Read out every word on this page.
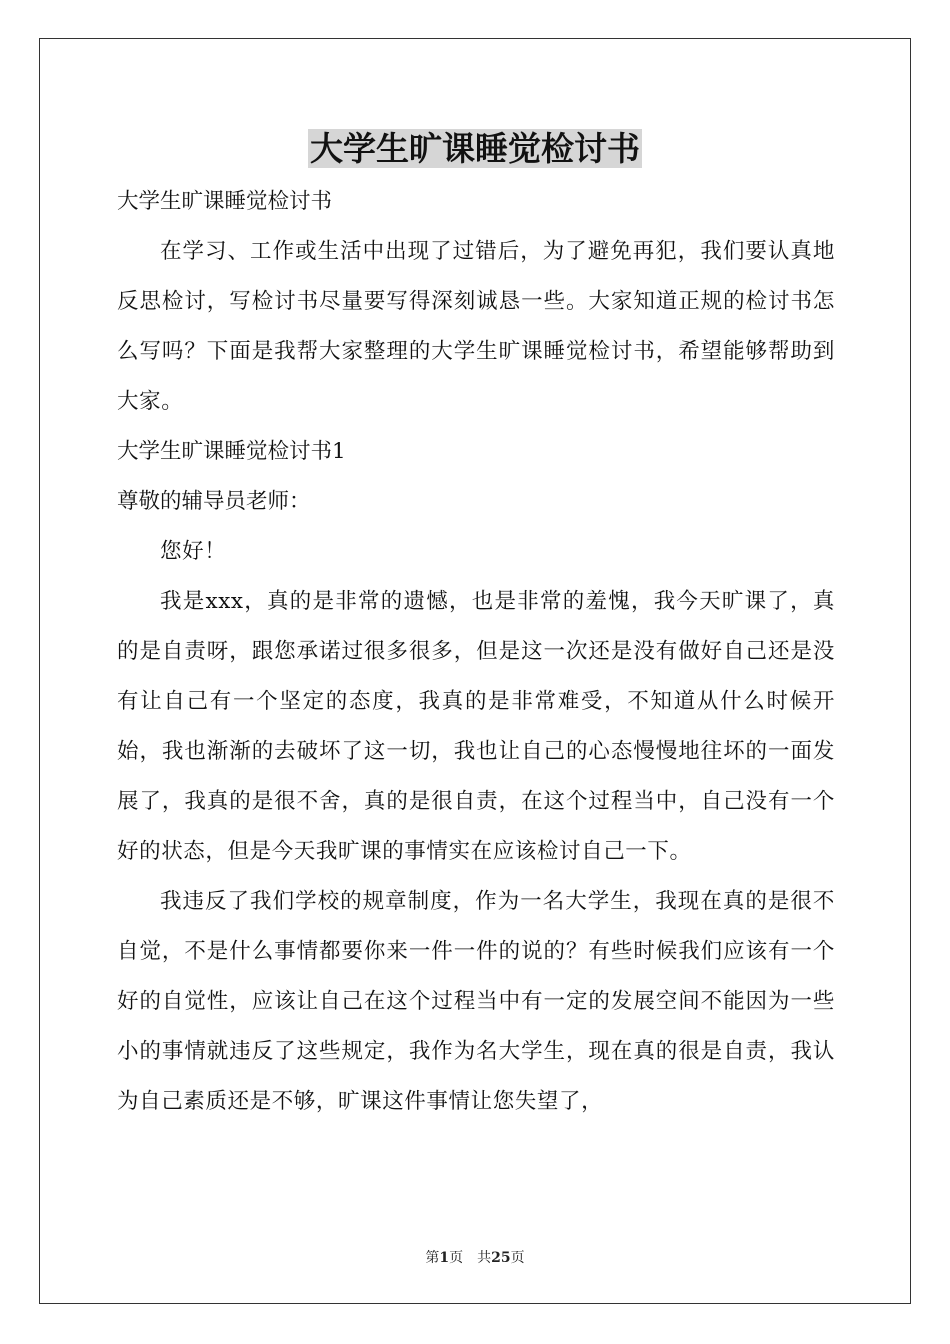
大学生旷课睡觉检讨书

大学生旷课睡觉检讨书

在学习、工作或生活中出现了过错后，为了避免再犯，我们要认真地反思检讨，写检讨书尽量要写得深刻诚恳一些。大家知道正规的检讨书怎么写吗？下面是我帮大家整理的大学生旷课睡觉检讨书，希望能够帮助到大家。

大学生旷课睡觉检讨书1

尊敬的辅导员老师：

您好！

我是xxx，真的是非常的遗憾，也是非常的羞愧，我今天旷课了，真的是自责呀，跟您承诺过很多很多，但是这一次还是没有做好自己还是没有让自己有一个坚定的态度，我真的是非常难受，不知道从什么时候开始，我也渐渐的去破坏了这一切，我也让自己的心态慢慢地往坏的一面发展了，我真的是很不舍，真的是很自责，在这个过程当中，自己没有一个好的状态，但是今天我旷课的事情实在应该检讨自己一下。

我违反了我们学校的规章制度，作为一名大学生，我现在真的是很不自觉，不是什么事情都要你来一件一件的说的？有些时候我们应该有一个好的自觉性，应该让自己在这个过程当中有一定的发展空间不能因为一些小的事情就违反了这些规定，我作为名大学生，现在真的很是自责，我认为自己素质还是不够，旷课这件事情让您失望了，

第1页　共25页
